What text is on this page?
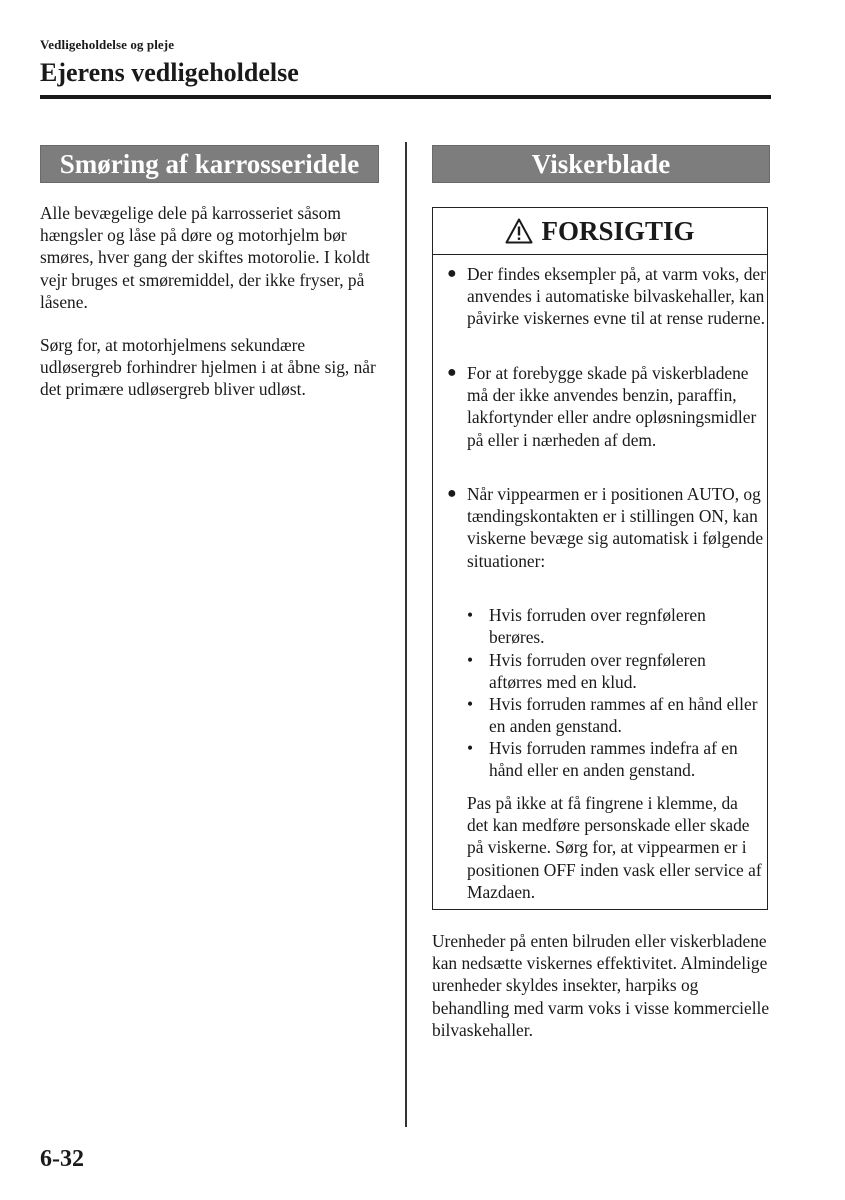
Vedligeholdelse og pleje
Ejerens vedligeholdelse
Smøring af karrosseridele

Alle bevægelige dele på karrosseriet såsom hængsler og låse på døre og motorhjelm bør smøres, hver gang der skiftes motorolie. I koldt vejr bruges et smøremiddel, der ikke fryser, på låsene.

Sørg for, at motorhjelmens sekundære udløsergreb forhindrer hjelmen i at åbne sig, når det primære udløsergreb bliver udløst.

Viskerblade
FORSIGTIG
● Der findes eksempler på, at varm voks, der anvendes i automatiske bilvaskehaller, kan påvirke viskernes evne til at rense ruderne.
● For at forebygge skade på viskerbladene må der ikke anvendes benzin, paraffin, lakfortynder eller andre opløsningsmidler på eller i nærheden af dem.
● Når vippearmen er i positionen AUTO, og tændingskontakten er i stillingen ON, kan viskerne bevæge sig automatisk i følgende situationer:
• Hvis forruden over regnføleren berøres.
• Hvis forruden over regnføleren aftørres med en klud.
• Hvis forruden rammes af en hånd eller en anden genstand.
• Hvis forruden rammes indefra af en hånd eller en anden genstand.
Pas på ikke at få fingrene i klemme, da det kan medføre personskade eller skade på viskerne. Sørg for, at vippearmen er i positionen OFF inden vask eller service af Mazdaen.

Urenheder på enten bilruden eller viskerbladene kan nedsætte viskernes effektivitet. Almindelige urenheder skyldes insekter, harpiks og behandling med varm voks i visse kommercielle bilvaskehaller.

6-32
